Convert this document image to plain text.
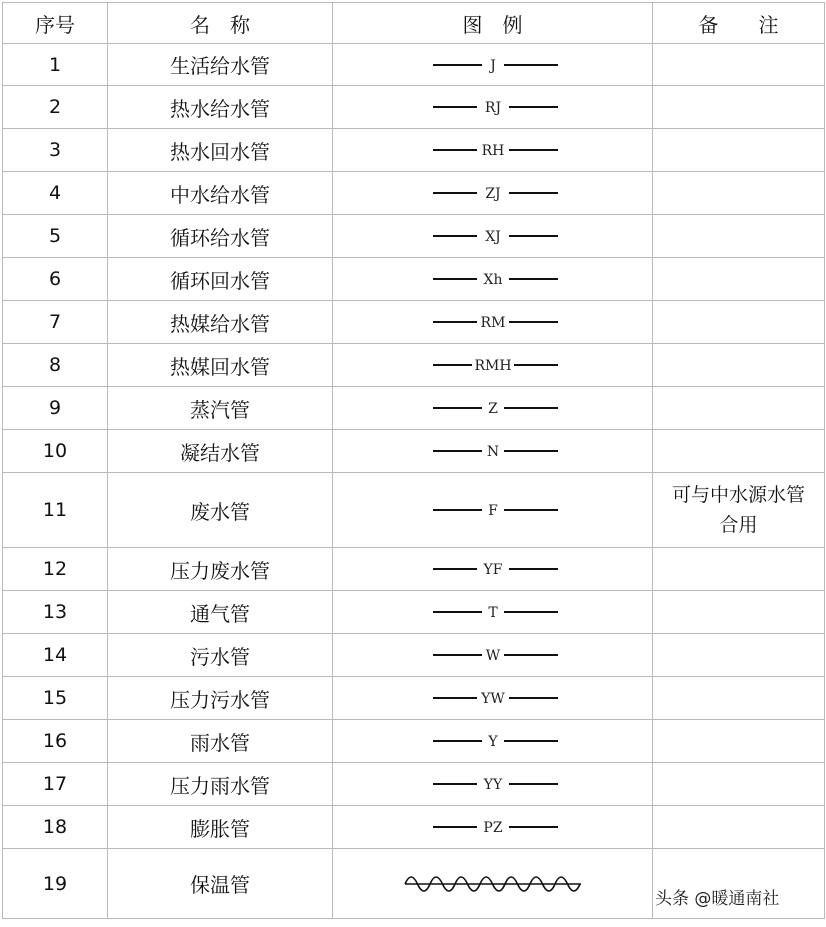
序号	名　称	图　例	备　　注
1	生活给水管	J	

2	热水给水管	RJ	

3	热水回水管	RH	

4	中水给水管	ZJ	

5	循环给水管	XJ	

6	循环回水管	Xh	

7	热媒给水管	RM	

8	热媒回水管	RMH	

9	蒸汽管	Z	

10	凝结水管	N	

11	废水管	F	可与中水源水管合用
12	压力废水管	YF	

13	通气管	T	

14	污水管	W	

15	压力污水管	YW	

16	雨水管	Y	

17	压力雨水管	YY	

18	膨胀管	PZ	

19	保温管	

头条 @暖通南社
